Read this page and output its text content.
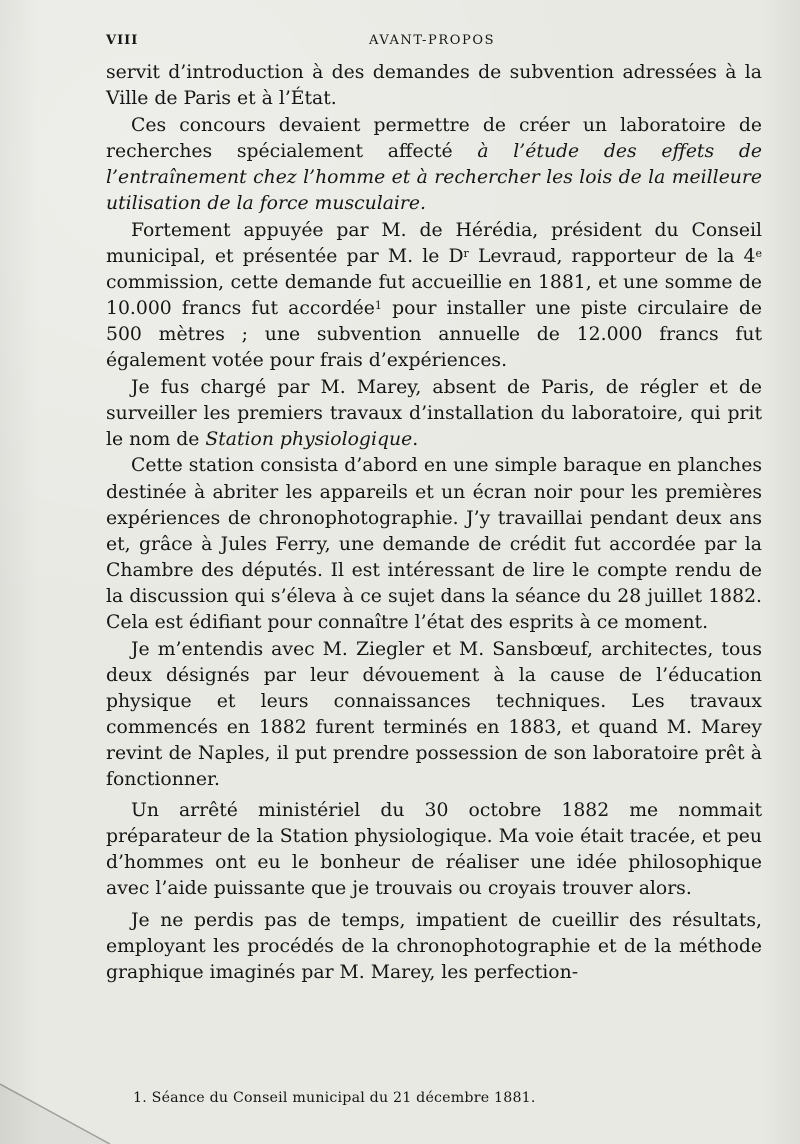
VIII	AVANT-PROPOS

servit d’introduction à des demandes de subvention adressées à la Ville de Paris et à l’État.

Ces concours devaient permettre de créer un laboratoire de recherches spécialement affecté à l’étude des effets de l’entraînement chez l’homme et à rechercher les lois de la meilleure utilisation de la force musculaire.

Fortement appuyée par M. de Hérédia, président du Conseil municipal, et présentée par M. le $D^r$ Levraud, rapporteur de la 4e commission, cette demande fut accueillie en 1881, et une somme de 10.000 francs fut accordée$^1$ pour installer une piste circulaire de 500 mètres ; une subvention annuelle de 12.000 francs fut également votée pour frais d’expériences.

Je fus chargé par M. Marey, absent de Paris, de régler et de surveiller les premiers travaux d’installation du laboratoire, qui prit le nom de Station physiologique.

Cette station consista d’abord en une simple baraque en planches destinée à abriter les appareils et un écran noir pour les premières expériences de chronophotographie. J’y travaillai pendant deux ans et, grâce à Jules Ferry, une demande de crédit fut accordée par la Chambre des députés. Il est intéressant de lire le compte rendu de la discussion qui s’éleva à ce sujet dans la séance du 28 juillet 1882. Cela est édifiant pour connaître l’état des esprits à ce moment.

Je m’entendis avec M. Ziegler et M. Sansbœuf, architectes, tous deux désignés par leur dévouement à la cause de l’éducation physique et leurs connaissances techniques. Les travaux commencés en 1882 furent terminés en 1883, et quand M. Marey revint de Naples, il put prendre possession de son laboratoire prêt à fonctionner.

Un arrêté ministériel du 30 octobre 1882 me nommait préparateur de la Station physiologique. Ma voie était tracée, et peu d’hommes ont eu le bonheur de réaliser une idée philosophique avec l’aide puissante que je trouvais ou croyais trouver alors.

Je ne perdis pas de temps, impatient de cueillir des résultats, employant les procédés de la chronophotographie et de la méthode graphique imaginés par M. Marey, les perfection-

1. Séance du Conseil municipal du 21 décembre 1881.
